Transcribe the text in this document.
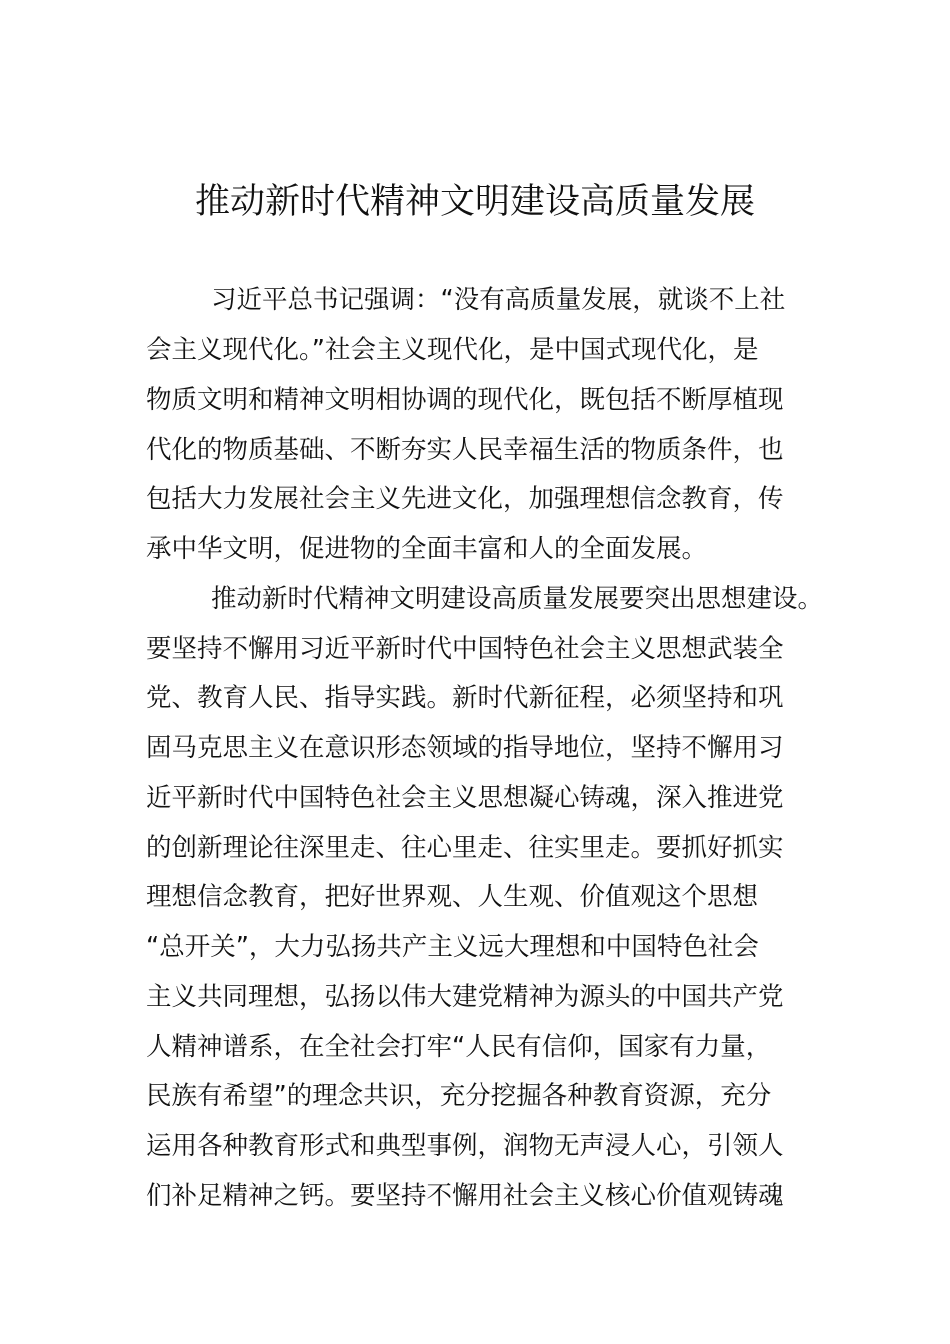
推动新时代精神文明建设高质量发展
习近平总书记强调：“没有高质量发展，就谈不上社
会主义现代化。”社会主义现代化，是中国式现代化，是
物质文明和精神文明相协调的现代化，既包括不断厚植现
代化的物质基础、不断夯实人民幸福生活的物质条件，也
包括大力发展社会主义先进文化，加强理想信念教育，传
承中华文明，促进物的全面丰富和人的全面发展。
推动新时代精神文明建设高质量发展要突出思想建设。
要坚持不懈用习近平新时代中国特色社会主义思想武装全
党、教育人民、指导实践。新时代新征程，必须坚持和巩
固马克思主义在意识形态领域的指导地位，坚持不懈用习
近平新时代中国特色社会主义思想凝心铸魂，深入推进党
的创新理论往深里走、往心里走、往实里走。要抓好抓实
理想信念教育，把好世界观、人生观、价值观这个思想
“总开关”，大力弘扬共产主义远大理想和中国特色社会
主义共同理想，弘扬以伟大建党精神为源头的中国共产党
人精神谱系，在全社会打牢“人民有信仰，国家有力量，
民族有希望”的理念共识，充分挖掘各种教育资源，充分
运用各种教育形式和典型事例，润物无声浸人心，引领人
们补足精神之钙。要坚持不懈用社会主义核心价值观铸魂
